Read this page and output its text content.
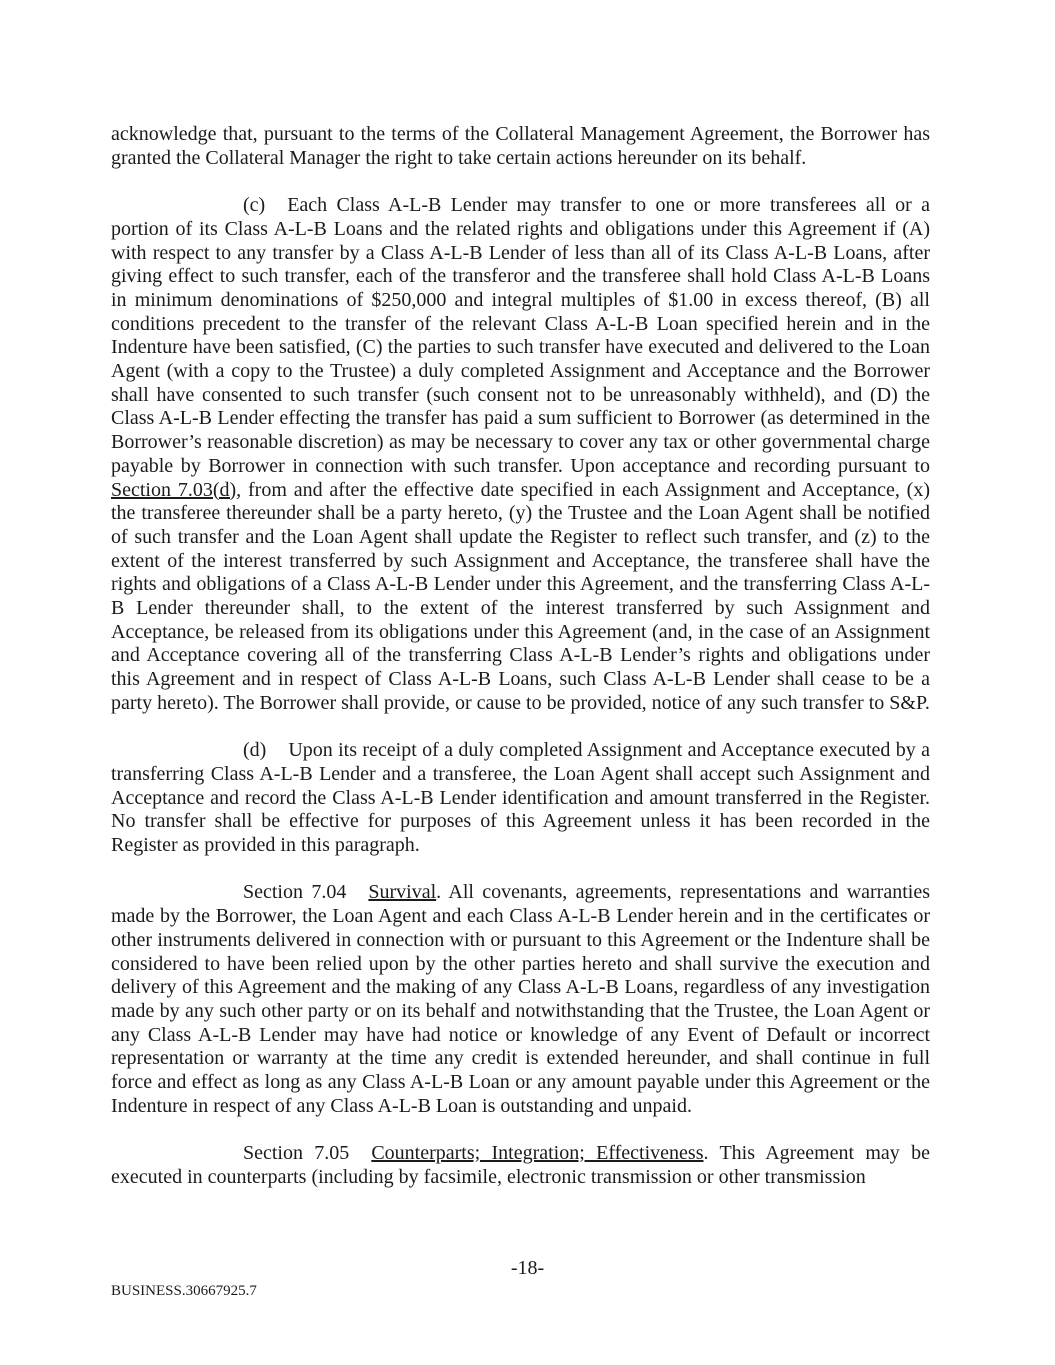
acknowledge that, pursuant to the terms of the Collateral Management Agreement, the Borrower has granted the Collateral Manager the right to take certain actions hereunder on its behalf.

(c) Each Class A-L-B Lender may transfer to one or more transferees all or a portion of its Class A-L-B Loans and the related rights and obligations under this Agreement if (A) with respect to any transfer by a Class A-L-B Lender of less than all of its Class A-L-B Loans, after giving effect to such transfer, each of the transferor and the transferee shall hold Class A-L-B Loans in minimum denominations of $250,000 and integral multiples of $1.00 in excess thereof, (B) all conditions precedent to the transfer of the relevant Class A-L-B Loan specified herein and in the Indenture have been satisfied, (C) the parties to such transfer have executed and delivered to the Loan Agent (with a copy to the Trustee) a duly completed Assignment and Acceptance and the Borrower shall have consented to such transfer (such consent not to be unreasonably withheld), and (D) the Class A-L-B Lender effecting the transfer has paid a sum sufficient to Borrower (as determined in the Borrower’s reasonable discretion) as may be necessary to cover any tax or other governmental charge payable by Borrower in connection with such transfer. Upon acceptance and recording pursuant to Section 7.03(d), from and after the effective date specified in each Assignment and Acceptance, (x) the transferee thereunder shall be a party hereto, (y) the Trustee and the Loan Agent shall be notified of such transfer and the Loan Agent shall update the Register to reflect such transfer, and (z) to the extent of the interest transferred by such Assignment and Acceptance, the transferee shall have the rights and obligations of a Class A-L-B Lender under this Agreement, and the transferring Class A-L-B Lender thereunder shall, to the extent of the interest transferred by such Assignment and Acceptance, be released from its obligations under this Agreement (and, in the case of an Assignment and Acceptance covering all of the transferring Class A-L-B Lender’s rights and obligations under this Agreement and in respect of Class A-L-B Loans, such Class A-L-B Lender shall cease to be a party hereto). The Borrower shall provide, or cause to be provided, notice of any such transfer to S&P.

(d) Upon its receipt of a duly completed Assignment and Acceptance executed by a transferring Class A-L-B Lender and a transferee, the Loan Agent shall accept such Assignment and Acceptance and record the Class A-L-B Lender identification and amount transferred in the Register. No transfer shall be effective for purposes of this Agreement unless it has been recorded in the Register as provided in this paragraph.

Section 7.04 Survival. All covenants, agreements, representations and warranties made by the Borrower, the Loan Agent and each Class A-L-B Lender herein and in the certificates or other instruments delivered in connection with or pursuant to this Agreement or the Indenture shall be considered to have been relied upon by the other parties hereto and shall survive the execution and delivery of this Agreement and the making of any Class A-L-B Loans, regardless of any investigation made by any such other party or on its behalf and notwithstanding that the Trustee, the Loan Agent or any Class A-L-B Lender may have had notice or knowledge of any Event of Default or incorrect representation or warranty at the time any credit is extended hereunder, and shall continue in full force and effect as long as any Class A-L-B Loan or any amount payable under this Agreement or the Indenture in respect of any Class A-L-B Loan is outstanding and unpaid.

Section 7.05 Counterparts; Integration; Effectiveness. This Agreement may be executed in counterparts (including by facsimile, electronic transmission or other transmission

-18-
BUSINESS.30667925.7
